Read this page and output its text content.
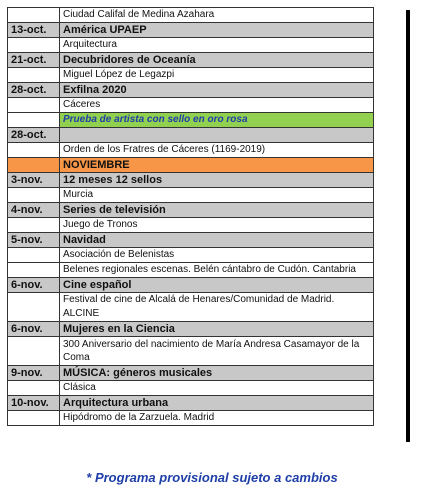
	Ciudad Califal de Medina Azahara
13-oct.	América UPAEP
	Arquitectura
21-oct.	Decubridores de Oceanía
	Miguel López de Legazpi
28-oct.	Exfilna 2020
	Cáceres
	Prueba de artista con sello en oro rosa
28-oct.	
	Orden de los Fratres de Cáceres (1169-2019)
	NOVIEMBRE
3-nov.	12 meses 12 sellos
	Murcia
4-nov.	Series de televisión
	Juego de Tronos
5-nov.	Navidad
	Asociación de Belenistas
	Belenes regionales escenas. Belén cántabro de Cudón. Cantabria
6-nov.	Cine español
	Festival de cine de Alcalá de Henares/Comunidad de Madrid. ALCINE
6-nov.	Mujeres en la Ciencia
	300 Aniversario del nacimiento de María Andresa Casamayor de la Coma
9-nov.	MÚSICA: géneros musicales
	Clásica
10-nov.	Arquitectura urbana
	Hipódromo de la Zarzuela. Madrid
* Programa provisional sujeto a cambios
